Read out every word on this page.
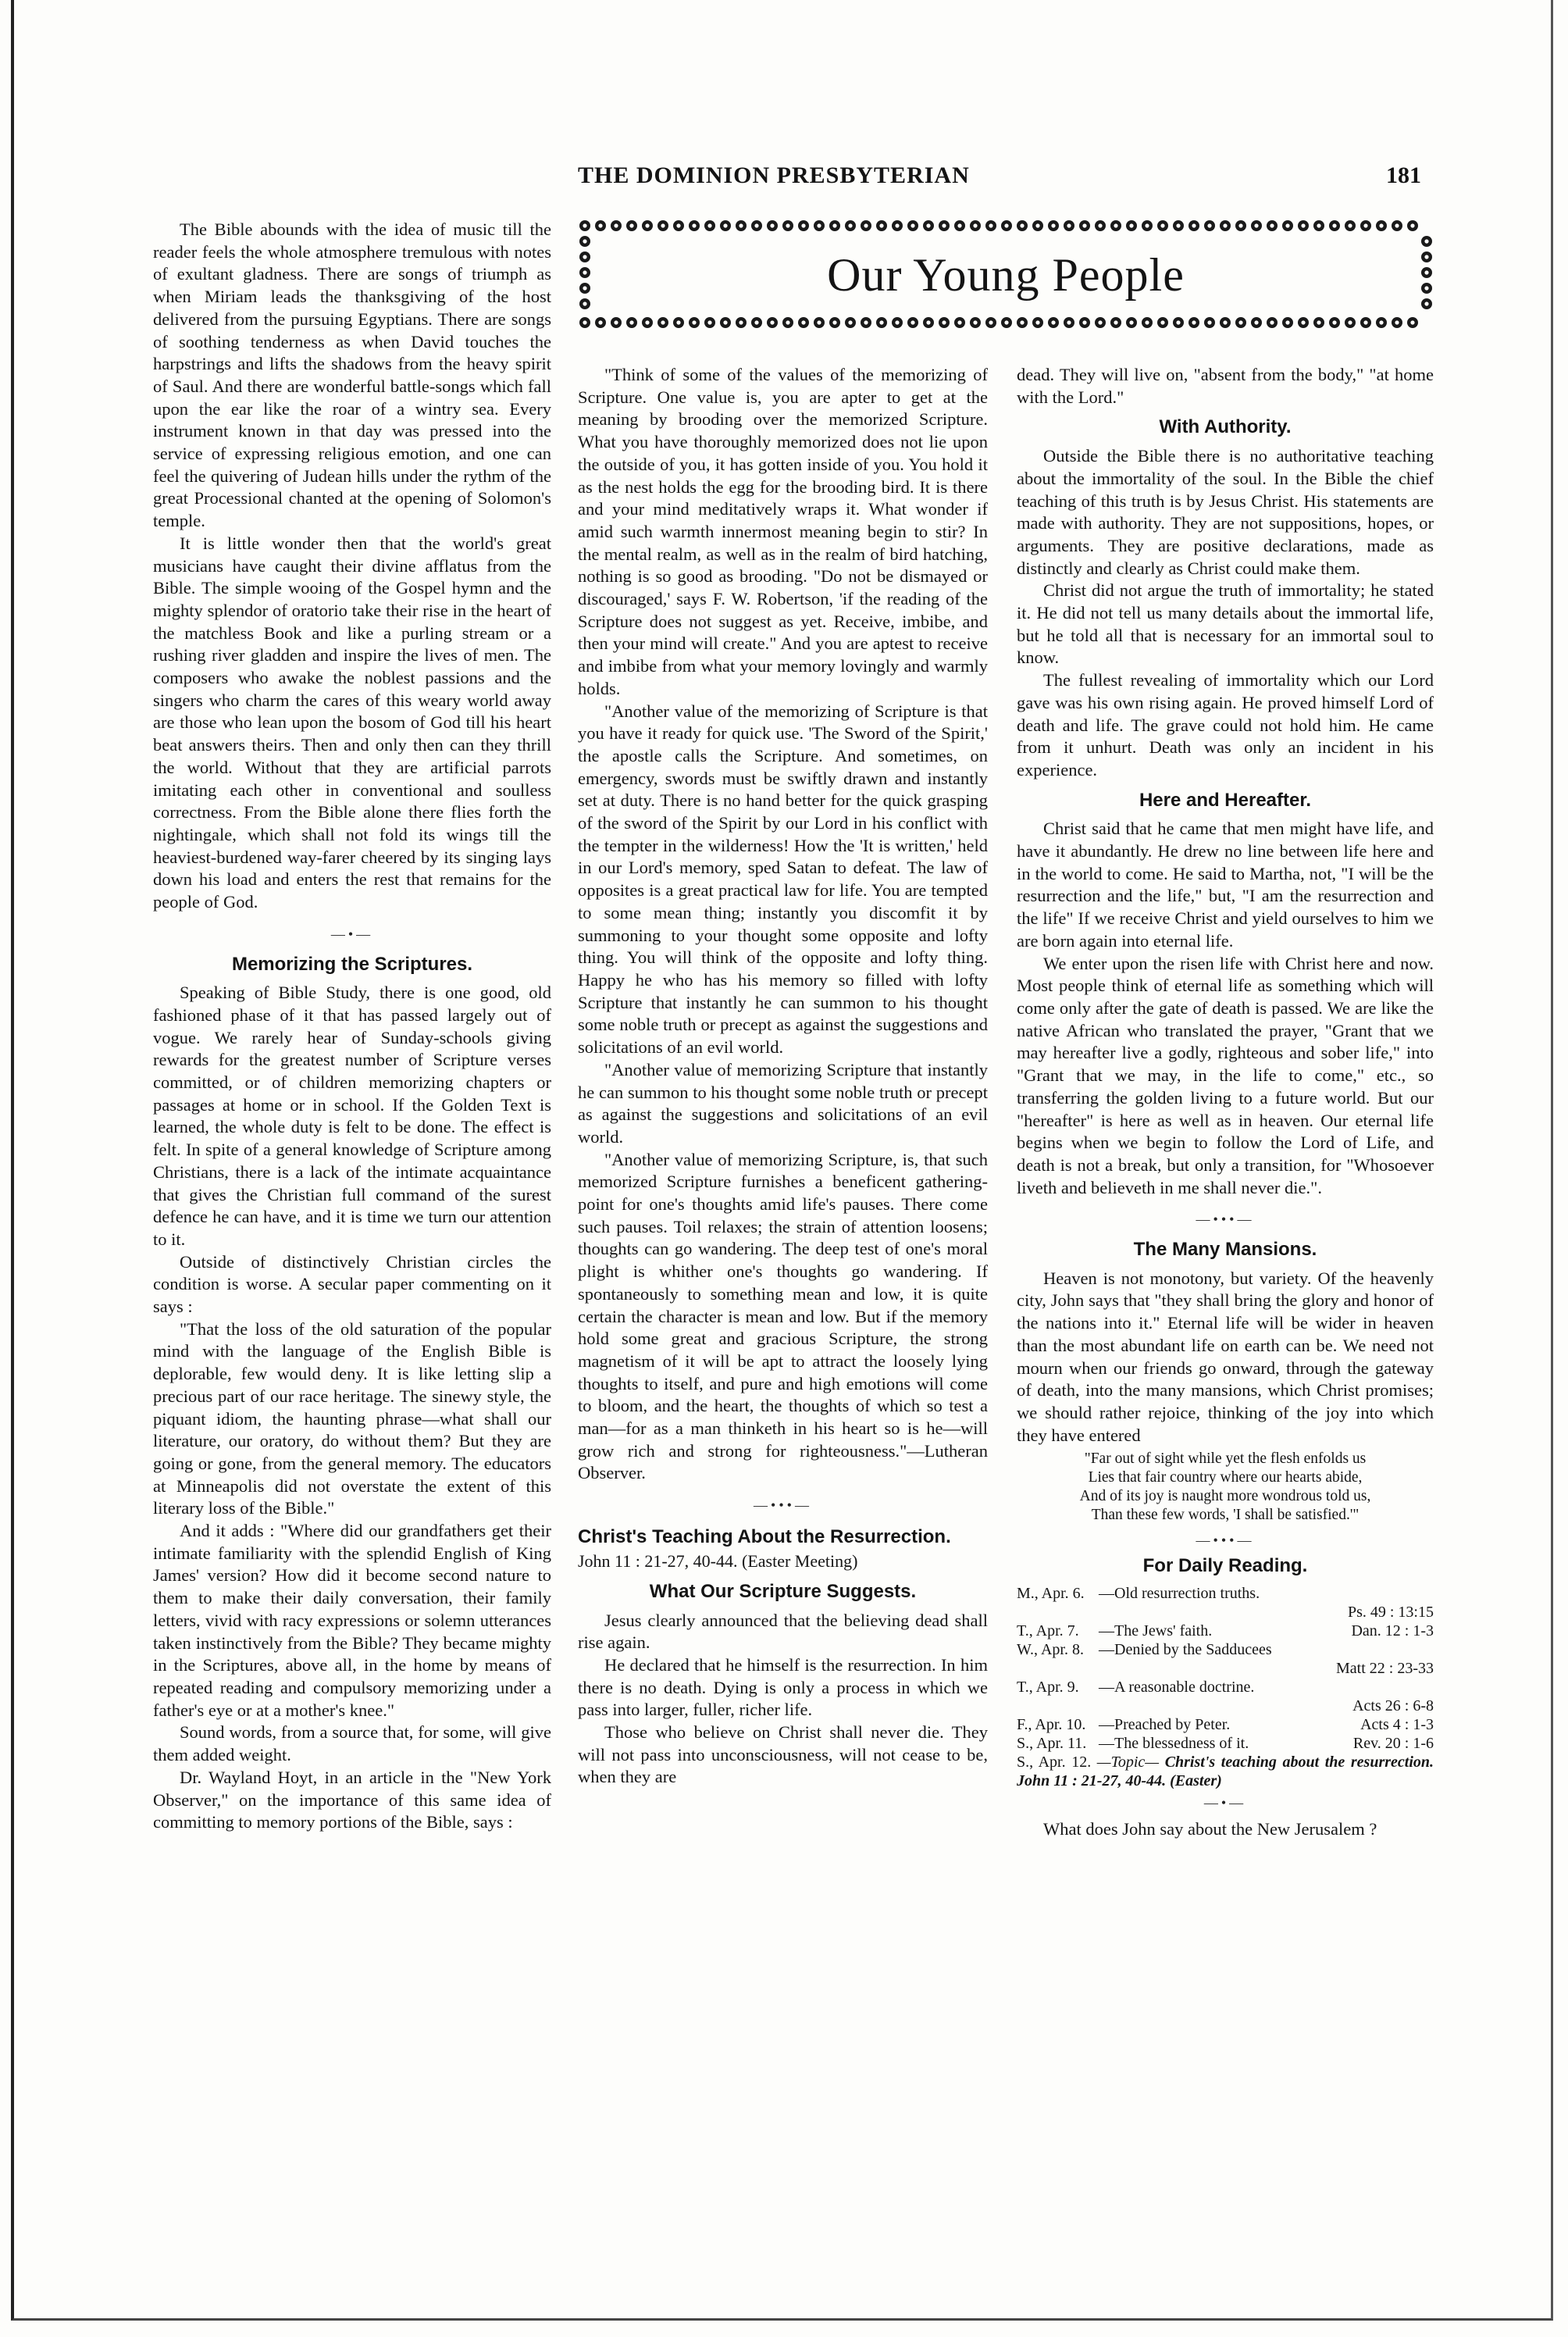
THE DOMINION PRESBYTERIAN	181
Our Young People

The Bible abounds with the idea of music till the reader feels the whole atmosphere tremulous with notes of exultant gladness. There are songs of triumph as when Miriam leads the thanksgiving of the host delivered from the pursuing Egyptians. There are songs of soothing tenderness as when David touches the harpstrings and lifts the shadows from the heavy spirit of Saul. And there are wonderful battle-songs which fall upon the ear like the roar of a wintry sea. Every instrument known in that day was pressed into the service of expressing religious emotion, and one can feel the quivering of Judean hills under the rythm of the great Processional chanted at the opening of Solomon's temple.

It is little wonder then that the world's great musicians have caught their divine afflatus from the Bible. The simple wooing of the Gospel hymn and the mighty splendor of oratorio take their rise in the heart of the matchless Book and like a purling stream or a rushing river gladden and inspire the lives of men. The composers who awake the noblest passions and the singers who charm the cares of this weary world away are those who lean upon the bosom of God till his heart beat answers theirs. Then and only then can they thrill the world. Without that they are artificial parrots imitating each other in conventional and soulless correctness. From the Bible alone there flies forth the nightingale, which shall not fold its wings till the heaviest-burdened way-farer cheered by its singing lays down his load and enters the rest that remains for the people of God.

—•—
Memorizing the Scriptures.

Speaking of Bible Study, there is one good, old fashioned phase of it that has passed largely out of vogue. We rarely hear of Sunday-schools giving rewards for the greatest number of Scripture verses committed, or of children memorizing chapters or passages at home or in school. If the Golden Text is learned, the whole duty is felt to be done. The effect is felt. In spite of a general knowledge of Scripture among Christians, there is a lack of the intimate acquaintance that gives the Christian full command of the surest defence he can have, and it is time we turn our attention to it.

Outside of distinctively Christian circles the condition is worse. A secular paper commenting on it says :

"That the loss of the old saturation of the popular mind with the language of the English Bible is deplorable, few would deny. It is like letting slip a precious part of our race heritage. The sinewy style, the piquant idiom, the haunting phrase—what shall our literature, our oratory, do without them? But they are going or gone, from the general memory. The educators at Minneapolis did not overstate the extent of this literary loss of the Bible."

And it adds : "Where did our grandfathers get their intimate familiarity with the splendid English of King James' version? How did it become second nature to them to make their daily conversation, their family letters, vivid with racy expressions or solemn utterances taken instinctively from the Bible? They became mighty in the Scriptures, above all, in the home by means of repeated reading and compulsory memorizing under a father's eye or at a mother's knee."

Sound words, from a source that, for some, will give them added weight.

Dr. Wayland Hoyt, in an article in the "New York Observer," on the importance of this same idea of committing to memory portions of the Bible, says :

"Think of some of the values of the memorizing of Scripture. One value is, you are apter to get at the meaning by brooding over the memorized Scripture. What you have thoroughly memorized does not lie upon the outside of you, it has gotten inside of you. You hold it as the nest holds the egg for the brooding bird. It is there and your mind meditatively wraps it. What wonder if amid such warmth innermost meaning begin to stir? In the mental realm, as well as in the realm of bird hatching, nothing is so good as brooding. "Do not be dismayed or discouraged,' says F. W. Robertson, 'if the reading of the Scripture does not suggest as yet. Receive, imbibe, and then your mind will create." And you are aptest to receive and imbibe from what your memory lovingly and warmly holds.

"Another value of the memorizing of Scripture is that you have it ready for quick use. 'The Sword of the Spirit,' the apostle calls the Scripture. And sometimes, on emergency, swords must be swiftly drawn and instantly set at duty. There is no hand better for the quick grasping of the sword of the Spirit by our Lord in his conflict with the tempter in the wilderness! How the 'It is written,' held in our Lord's memory, sped Satan to defeat. The law of opposites is a great practical law for life. You are tempted to some mean thing; instantly you discomfit it by summoning to your thought some opposite and lofty thing. You will think of the opposite and lofty thing. Happy he who has his memory so filled with lofty Scripture that instantly he can summon to his thought some noble truth or precept as against the suggestions and solicitations of an evil world.

"Another value of memorizing Scripture that instantly he can summon to his thought some noble truth or precept as against the suggestions and solicitations of an evil world.

"Another value of memorizing Scripture, is, that such memorized Scripture furnishes a beneficent gathering-point for one's thoughts amid life's pauses. There come such pauses. Toil relaxes; the strain of attention loosens; thoughts can go wandering. The deep test of one's moral plight is whither one's thoughts go wandering. If spontaneously to something mean and low, it is quite certain the character is mean and low. But if the memory hold some great and gracious Scripture, the strong magnetism of it will be apt to attract the loosely lying thoughts to itself, and pure and high emotions will come to bloom, and the heart, the thoughts of which so test a man—for as a man thinketh in his heart so is he—will grow rich and strong for righteousness."—Lutheran Observer.

—•••—
Christ's Teaching About the Resurrection. John 11 : 21-27, 40-44. (Easter Meeting)
What Our Scripture Suggests.

Jesus clearly announced that the believing dead shall rise again.

He declared that he himself is the resurrection. In him there is no death. Dying is only a process in which we pass into larger, fuller, richer life.

Those who believe on Christ shall never die. They will not pass into unconsciousness, will not cease to be, when they are

dead. They will live on, "absent from the body," "at home with the Lord."

With Authority.

Outside the Bible there is no authoritative teaching about the immortality of the soul. In the Bible the chief teaching of this truth is by Jesus Christ. His statements are made with authority. They are not suppositions, hopes, or arguments. They are positive declarations, made as distinctly and clearly as Christ could make them.

Christ did not argue the truth of immortality; he stated it. He did not tell us many details about the immortal life, but he told all that is necessary for an immortal soul to know.

The fullest revealing of immortality which our Lord gave was his own rising again. He proved himself Lord of death and life. The grave could not hold him. He came from it unhurt. Death was only an incident in his experience.

Here and Hereafter.

Christ said that he came that men might have life, and have it abundantly. He drew no line between life here and in the world to come. He said to Martha, not, "I will be the resurrection and the life," but, "I am the resurrection and the life" If we receive Christ and yield ourselves to him we are born again into eternal life.

We enter upon the risen life with Christ here and now. Most people think of eternal life as something which will come only after the gate of death is passed. We are like the native African who translated the prayer, "Grant that we may hereafter live a godly, righteous and sober life," into "Grant that we may, in the life to come," etc., so transferring the golden living to a future world. But our "hereafter" is here as well as in heaven. Our eternal life begins when we begin to follow the Lord of Life, and death is not a break, but only a transition, for "Whosoever liveth and believeth in me shall never die.".

—•••—
The Many Mansions.

Heaven is not monotony, but variety. Of the heavenly city, John says that "they shall bring the glory and honor of the nations into it." Eternal life will be wider in heaven than the most abundant life on earth can be. We need not mourn when our friends go onward, through the gateway of death, into the many mansions, which Christ promises; we should rather rejoice, thinking of the joy into which they have entered

"Far out of sight while yet the flesh enfolds us
Lies that fair country where our hearts abide,
And of its joy is naught more wondrous told us,
Than these few words, 'I shall be satisfied.'"
—•••—
For Daily Reading.
M., Apr. 6.	—Old resurrection truths.	
		Ps. 49 : 13:15
T., Apr. 7.	—The Jews' faith.	Dan. 12 : 1-3
W., Apr. 8.	—Denied by the Sadducees	
		Matt 22 : 23-33
T., Apr. 9.	—A reasonable doctrine.	
		Acts 26 : 6-8
F., Apr. 10.	—Preached by Peter.	Acts 4 : 1-3
S., Apr. 11.	—The blessedness of it.	Rev. 20 : 1-6
S., Apr. 12. —Topic— Christ's teaching about the resurrection. John 11 : 21-27, 40-44. (Easter)
—•—

What does John say about the New Jerusalem ?
